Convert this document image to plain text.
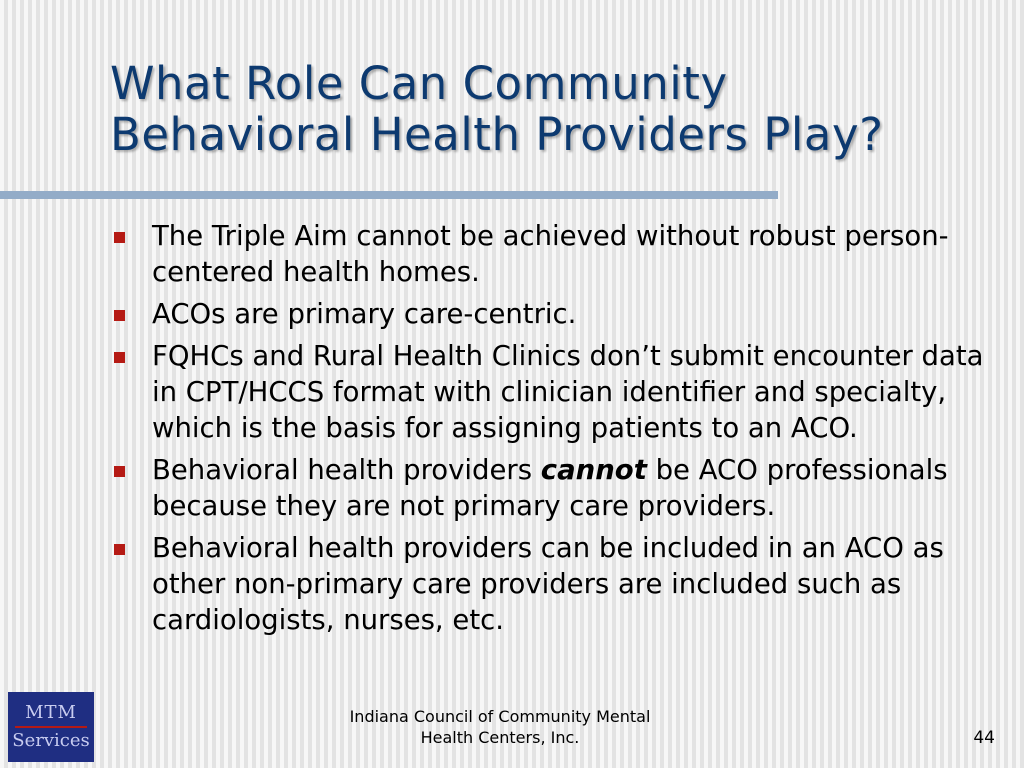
What Role Can Community
Behavioral Health Providers Play?
The Triple Aim cannot be achieved without robust person-centered health homes.
ACOs are primary care-centric.
FQHCs and Rural Health Clinics don’t submit encounter data in CPT/HCCS format with clinician identifier and specialty, which is the basis for assigning patients to an ACO.
Behavioral health providers cannot be ACO professionals because they are not primary care providers.
Behavioral health providers can be included in an ACO as other non-primary care providers are included such as cardiologists, nurses, etc.
MTM
Services
Indiana Council of Community Mental
Health Centers, Inc.	44
